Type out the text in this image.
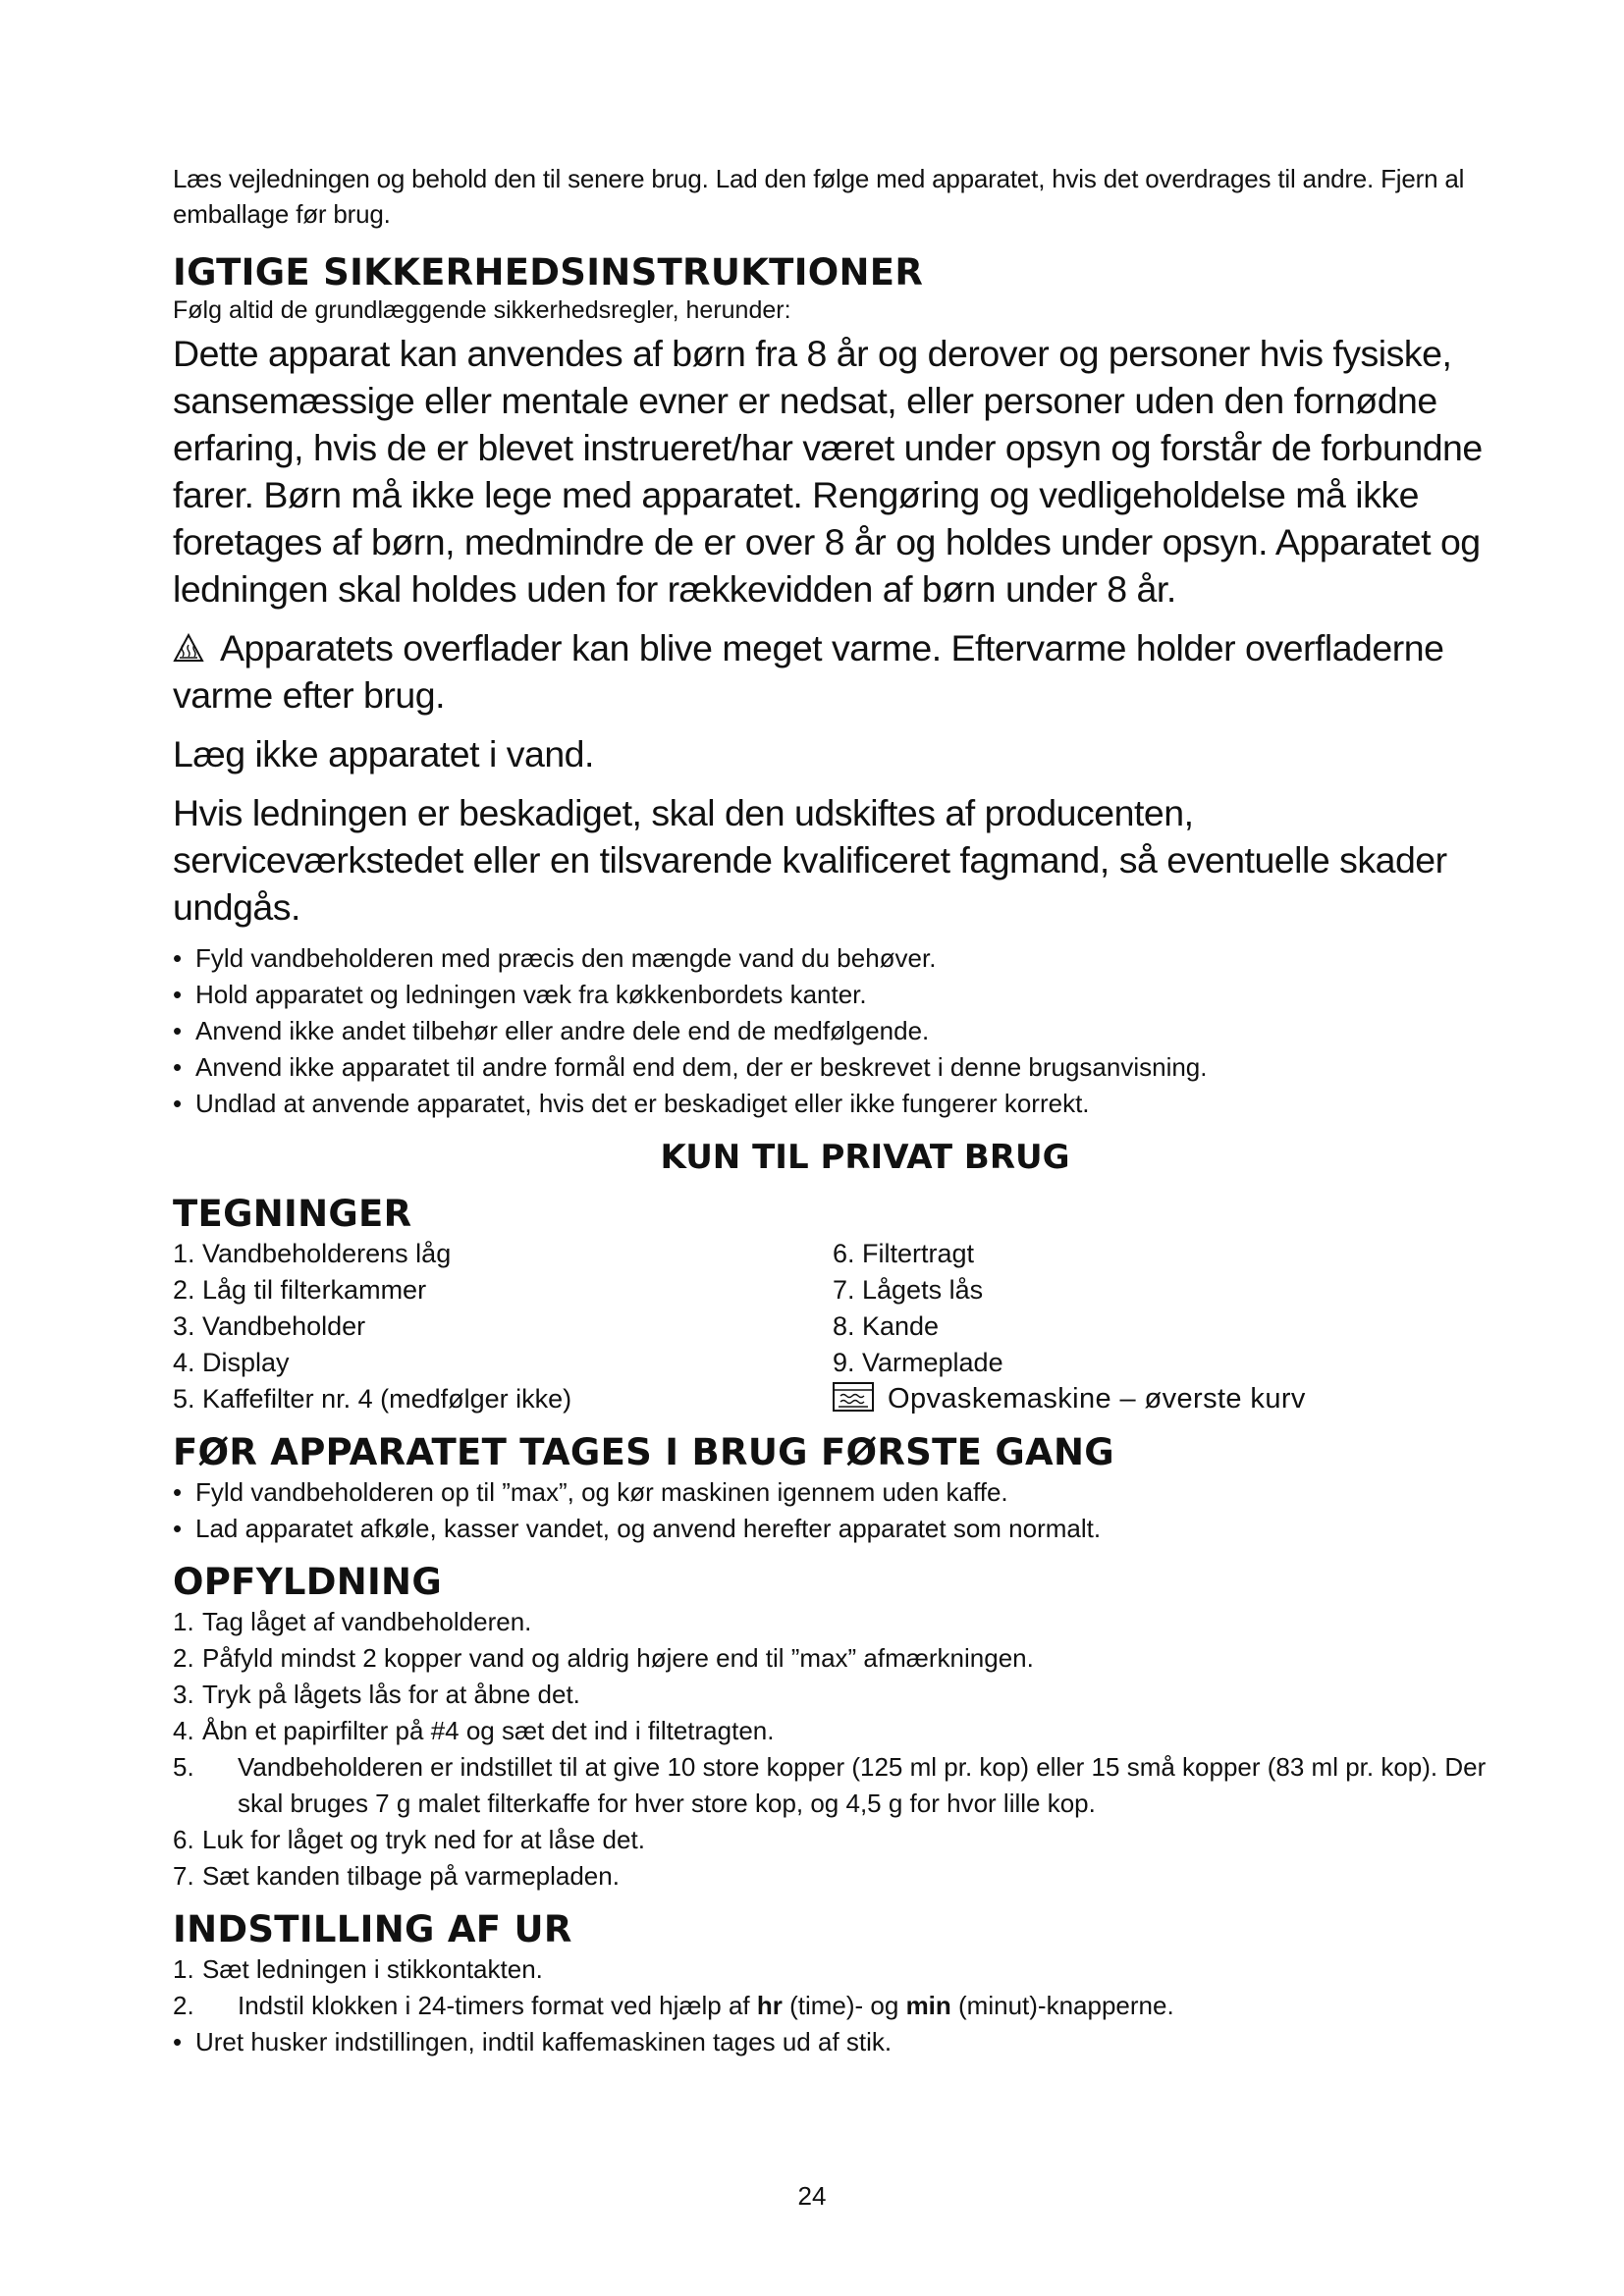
Læs vejledningen og behold den til senere brug. Lad den følge med apparatet, hvis det overdrages til andre. Fjern al emballage før brug.

IGTIGE SIKKERHEDSINSTRUKTIONER

Følg altid de grundlæggende sikkerhedsregler, herunder:

Dette apparat kan anvendes af børn fra 8 år og derover og personer hvis fysiske, sansemæssige eller mentale evner er nedsat, eller personer uden den fornødne erfaring, hvis de er blevet instrueret/har været under opsyn og forstår de forbundne farer. Børn må ikke lege med apparatet. Rengøring og vedligeholdelse må ikke foretages af børn, medmindre de er over 8 år og holdes under opsyn. Apparatet og ledningen skal holdes uden for rækkevidden af børn under 8 år.

Apparatets overflader kan blive meget varme. Eftervarme holder overfladerne varme efter brug.

Læg ikke apparatet i vand.

Hvis ledningen er beskadiget, skal den udskiftes af producenten, serviceværkstedet eller en tilsvarende kvalificeret fagmand, så eventuelle skader undgås.

• Fyld vandbeholderen med præcis den mængde vand du behøver.
• Hold apparatet og ledningen væk fra køkkenbordets kanter.
• Anvend ikke andet tilbehør eller andre dele end de medfølgende.
• Anvend ikke apparatet til andre formål end dem, der er beskrevet i denne brugsanvisning.
• Undlad at anvende apparatet, hvis det er beskadiget eller ikke fungerer korrekt.
KUN TIL PRIVAT BRUG
TEGNINGER
1. Vandbeholderens låg
2. Låg til filterkammer
3. Vandbeholder
4. Display
5. Kaffefilter nr. 4 (medfølger ikke)
6. Filtertragt
7. Lågets lås
8. Kande
9. Varmeplade
Opvaskemaskine – øverste kurv
FØR APPARATET TAGES I BRUG FØRSTE GANG
• Fyld vandbeholderen op til ”max”, og kør maskinen igennem uden kaffe.
• Lad apparatet afkøle, kasser vandet, og anvend herefter apparatet som normalt.
OPFYLDNING
1. Tag låget af vandbeholderen.
2. Påfyld mindst 2 kopper vand og aldrig højere end til ”max” afmærkningen.
3. Tryk på lågets lås for at åbne det.
4. Åbn et papirfilter på #4 og sæt det ind i filtetragten.
5.	Vandbeholderen er indstillet til at give 10 store kopper (125 ml pr. kop) eller 15 små kopper (83 ml pr. kop). Der skal bruges 7 g malet filterkaffe for hver store kop, og 4,5 g for hvor lille kop.
6. Luk for låget og tryk ned for at låse det.
7. Sæt kanden tilbage på varmepladen.
INDSTILLING AF UR
1. Sæt ledningen i stikkontakten.
2.	Indstil klokken i 24-timers format ved hjælp af hr (time)- og min (minut)-knapperne.
• Uret husker indstillingen, indtil kaffemaskinen tages ud af stik.
24
